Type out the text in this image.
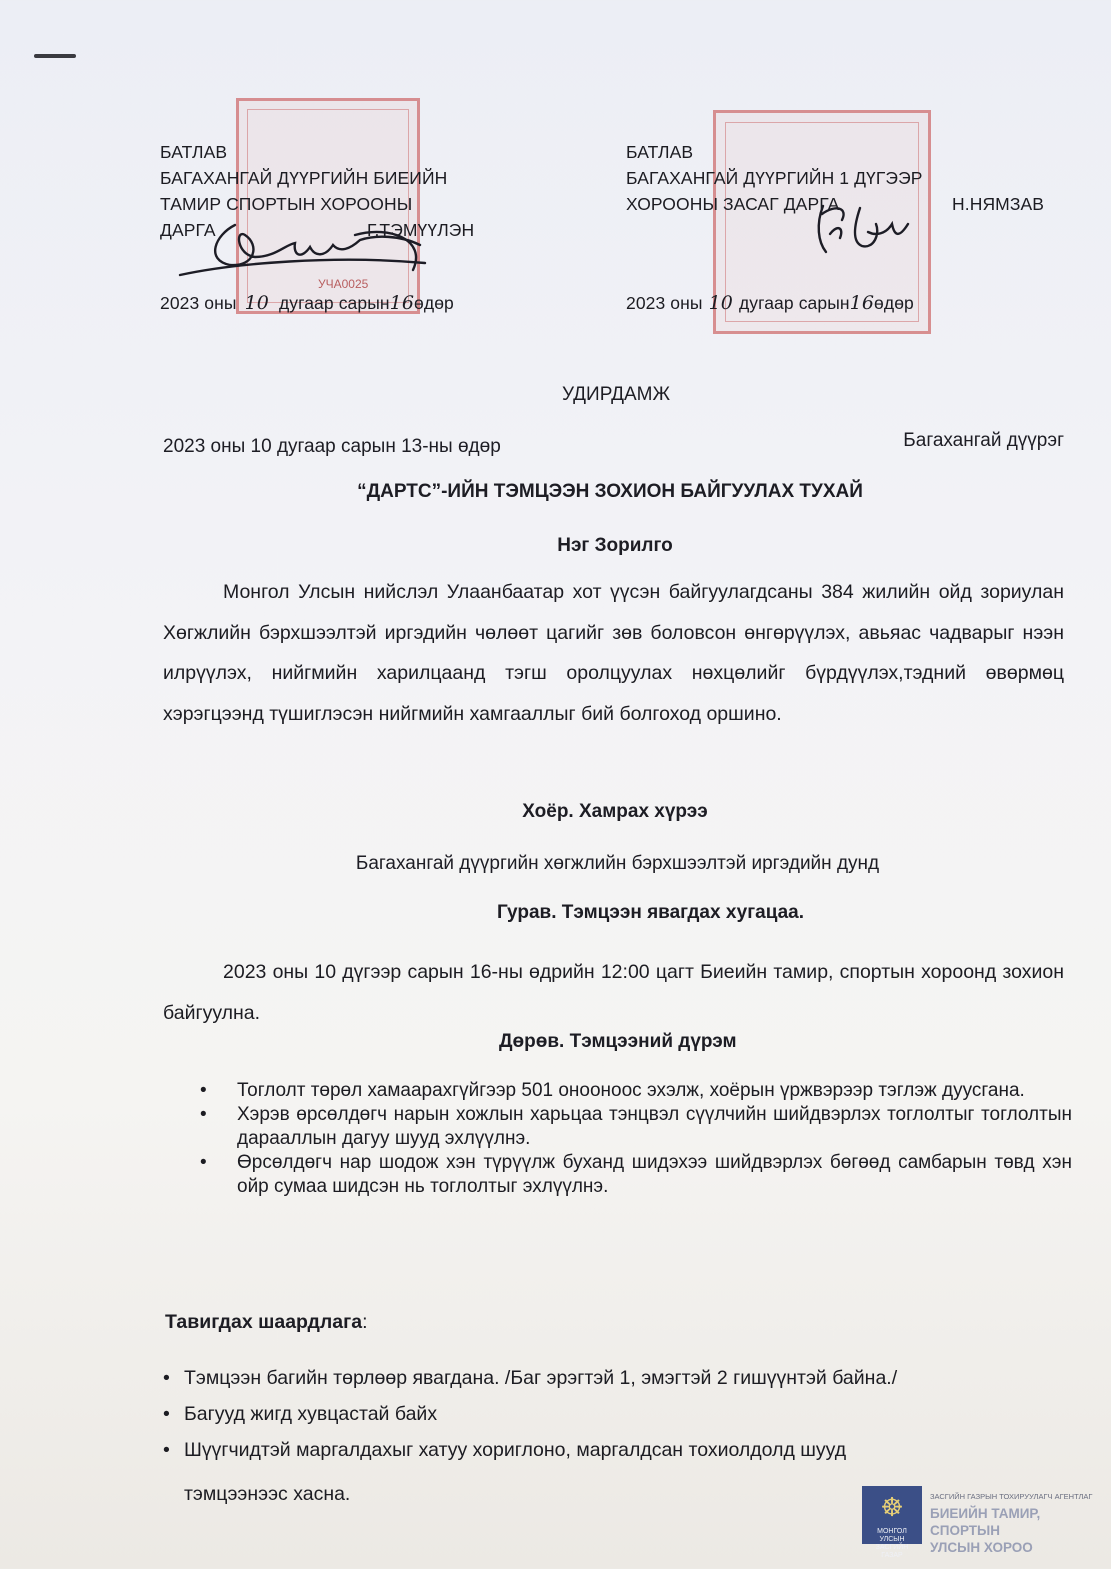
УЧА0025
БАТЛАВ
БАГАХАНГАЙ ДҮҮРГИЙН БИЕИЙН
ТАМИР СПОРТЫН ХОРООНЫ
ДАРГА	Г.ТЭМҮҮЛЭН
2023 оны 10 дугаар сарын16өдөр
БАТЛАВ
БАГАХАНГАЙ ДҮҮРГИЙН 1 ДҮГЭЭР
ХОРООНЫ ЗАСАГ ДАРГА	Н.НЯМЗАВ
2023 оны 10 дугаар сарын16өдөр
УДИРДАМЖ
2023 оны 10 дугаар сарын 13-ны өдөр	Багахангай дүүрэг
“ДАРТС”-ИЙН ТЭМЦЭЭН ЗОХИОН БАЙГУУЛАХ ТУХАЙ
Нэг Зорилго
Монгол Улсын нийслэл Улаанбаатар хот үүсэн байгуулагдсаны 384 жилийн ойд зориулан Хөгжлийн бэрхшээлтэй иргэдийн чөлөөт цагийг зөв боловсон өнгөрүүлэх, авьяас чадварыг нээн илрүүлэх, нийгмийн харилцаанд тэгш оролцуулах нөхцөлийг бүрдүүлэх,тэдний өвөрмөц хэрэгцээнд түшиглэсэн нийгмийн хамгааллыг бий болгоход оршино.
Хоёр. Хамрах хүрээ
Багахангай дүүргийн хөгжлийн бэрхшээлтэй иргэдийн дунд
Гурав. Тэмцээн явагдах хугацаа.
2023 оны 10 дүгээр сарын 16-ны өдрийн 12:00 цагт Биеийн тамир, спортын хороонд зохион байгуулна.
Дөрөв. Тэмцээний дүрэм
•	Тоглолт төрөл хамаарахгүйгээр 501 онооноос эхэлж, хоёрын үржвэрээр тэглэж дуусгана.
•	Хэрэв өрсөлдөгч нарын хожлын харьцаа тэнцвэл сүүлчийн шийдвэрлэх тоглолтыг тоглолтын дарааллын дагуу шууд эхлүүлнэ.
•	Өрсөлдөгч нар шодож хэн түрүүлж буханд шидэхээ шийдвэрлэх бөгөөд самбарын төвд хэн ойр сумаа шидсэн нь тоглолтыг эхлүүлнэ.
Тавигдах шаардлага:
• Тэмцээн багийн төрлөөр явагдана. /Баг эрэгтэй 1, эмэгтэй 2 гишүүнтэй байна./
• Багууд жигд хувцастай байх
• Шүүгчидтэй маргалдахыг хатуу хориглоно, маргалдсан тохиолдолд шууд
тэмцээнээс хасна.	☸
МОНГОЛ УЛСЫН ЗАСГИЙН ГАЗАР
ЗАСГИЙН ГАЗРЫН ТОХИРУУЛАГЧ АГЕНТЛАГ
БИЕИЙН ТАМИР, СПОРТЫН
УЛСЫН ХОРОО
